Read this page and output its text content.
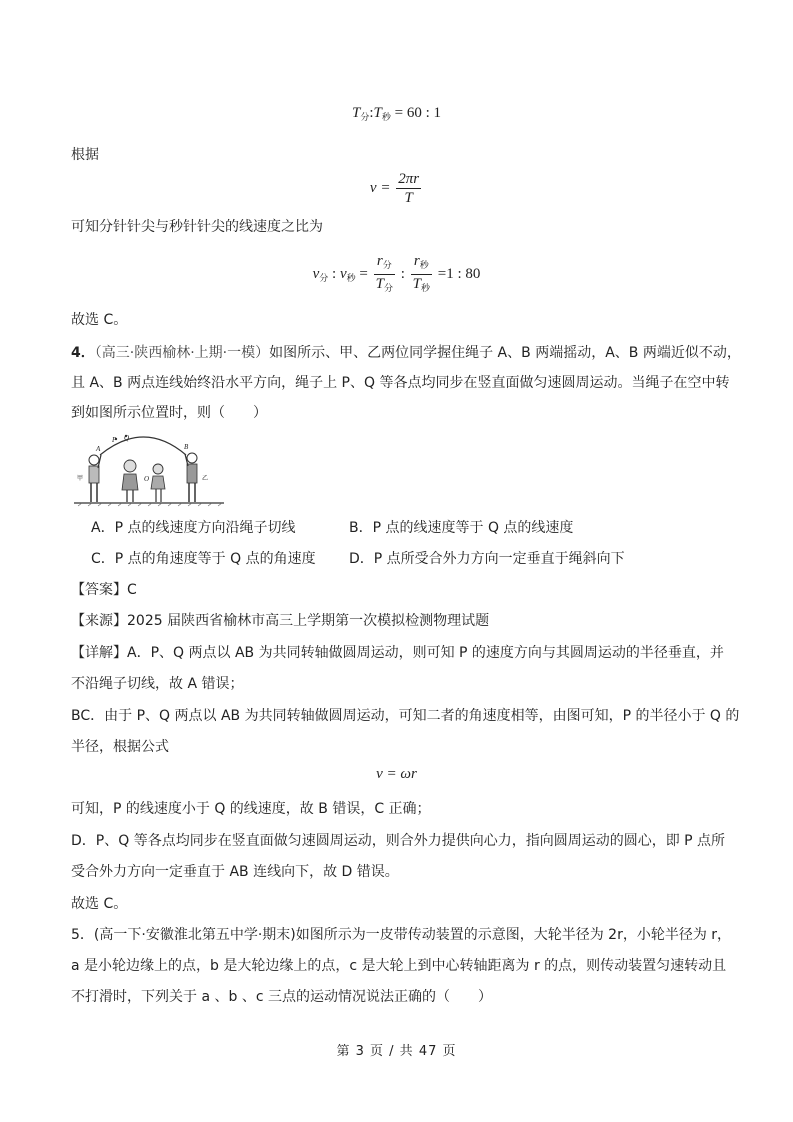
$T_分:T_秒 = 60$ : 1
根据
$v = \frac{2\pi r}{T}$
可知分针针尖与秒针针尖的线速度之比为
$v_分$ : $v_秒 = \frac{r_分}{T_分}$ : $\frac{r_秒}{T_秒} =1$ : 80
故选 C。
4．（高三·陕西榆林·上期·一模）如图所示、甲、乙两位同学握住绳子 A、B 两端摇动，A、B 两端近似不动，
且 A、B 两点连线始终沿水平方向，绳子上 P、Q 等各点均同步在竖直面做匀速圆周运动。当绳子在空中转
到如图所示位置时，则（　　）
A
P Q
B
O
甲	乙
A．P 点的线速度方向沿绳子切线	B．P 点的线速度等于 Q 点的线速度
C．P 点的角速度等于 Q 点的角速度 D．P 点所受合外力方向一定垂直于绳斜向下
【答案】C
【来源】2025 届陕西省榆林市高三上学期第一次模拟检测物理试题
【详解】A．P、Q 两点以 AB 为共同转轴做圆周运动，则可知 P 的速度方向与其圆周运动的半径垂直，并
不沿绳子切线，故 A 错误；
BC．由于 P、Q 两点以 AB 为共同转轴做圆周运动，可知二者的角速度相等，由图可知，P 的半径小于 Q 的
半径，根据公式
v = ωr
可知，P 的线速度小于 Q 的线速度，故 B 错误，C 正确；
D．P、Q 等各点均同步在竖直面做匀速圆周运动，则合外力提供向心力，指向圆周运动的圆心，即 P 点所
受合外力方向一定垂直于 AB 连线向下，故 D 错误。
故选 C。
5．(高一下·安徽淮北第五中学·期末)如图所示为一皮带传动装置的示意图，大轮半径为 2r，小轮半径为 r，
a 是小轮边缘上的点，b 是大轮边缘上的点，c 是大轮上到中心转轴距离为 r 的点，则传动装置匀速转动且
不打滑时，下列关于 a 、b 、c 三点的运动情况说法正确的（　　）
第 3 页 / 共 47 页
